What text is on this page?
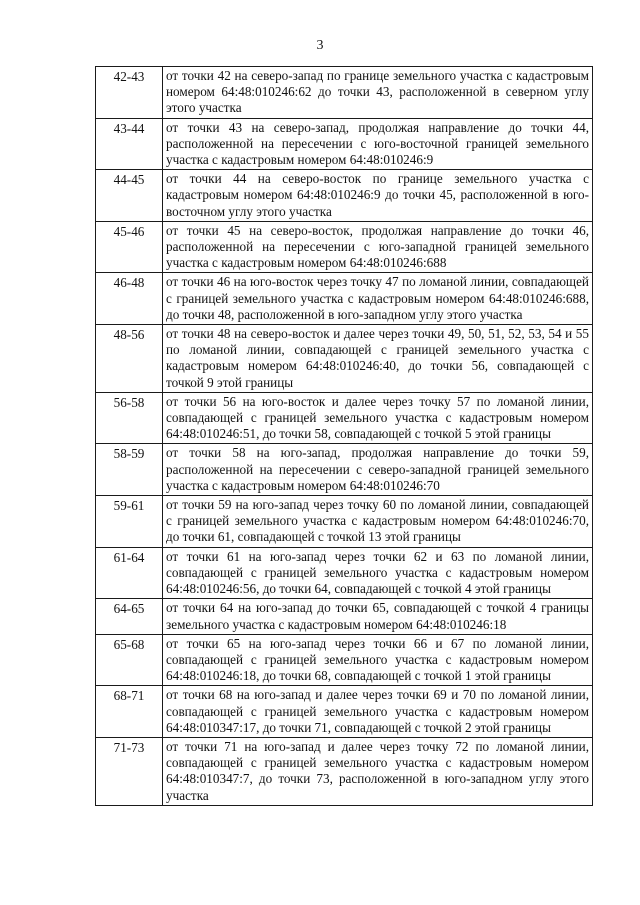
3
42-43	от точки 42 на северо-запад по границе земельного участка с кадастровым номером 64:48:010246:62 до точки 43, расположенной в северном углу этого участка
43-44	от точки 43 на северо-запад, продолжая направление до точки 44, расположенной на пересечении с юго-восточной границей земельного участка с кадастровым номером 64:48:010246:9
44-45	от точки 44 на северо-восток по границе земельного участка с кадастровым номером 64:48:010246:9 до точки 45, расположенной в юго-восточном углу этого участка
45-46	от точки 45 на северо-восток, продолжая направление до точки 46, расположенной на пересечении с юго-западной границей земельного участка с кадастровым номером 64:48:010246:688
46-48	от точки 46 на юго-восток через точку 47 по ломаной линии, совпадающей с границей земельного участка с кадастровым номером 64:48:010246:688, до точки 48, расположенной в юго-западном углу этого участка
48-56	от точки 48 на северо-восток и далее через точки 49, 50, 51, 52, 53, 54 и 55 по ломаной линии, совпадающей с границей земельного участка с кадастровым номером 64:48:010246:40, до точки 56, совпадающей с точкой 9 этой границы
56-58	от точки 56 на юго-восток и далее через точку 57 по ломаной линии, совпадающей с границей земельного участка с кадастровым номером 64:48:010246:51, до точки 58, совпадающей с точкой 5 этой границы
58-59	от точки 58 на юго-запад, продолжая направление до точки 59, расположенной на пересечении с северо-западной границей земельного участка с кадастровым номером 64:48:010246:70
59-61	от точки 59 на юго-запад через точку 60 по ломаной линии, совпадающей с границей земельного участка с кадастровым номером 64:48:010246:70, до точки 61, совпадающей с точкой 13 этой границы
61-64	от точки 61 на юго-запад через точки 62 и 63 по ломаной линии, совпадающей с границей земельного участка с кадастровым номером 64:48:010246:56, до точки 64, совпадающей с точкой 4 этой границы
64-65	от точки 64 на юго-запад до точки 65, совпадающей с точкой 4 границы земельного участка с кадастровым номером 64:48:010246:18
65-68	от точки 65 на юго-запад через точки 66 и 67 по ломаной линии, совпадающей с границей земельного участка с кадастровым номером 64:48:010246:18, до точки 68, совпадающей с точкой 1 этой границы
68-71	от точки 68 на юго-запад и далее через точки 69 и 70 по ломаной линии, совпадающей с границей земельного участка с кадастровым номером 64:48:010347:17, до точки 71, совпадающей с точкой 2 этой границы
71-73	от точки 71 на юго-запад и далее через точку 72 по ломаной линии, совпадающей с границей земельного участка с кадастровым номером 64:48:010347:7, до точки 73, расположенной в юго-западном углу этого участка
